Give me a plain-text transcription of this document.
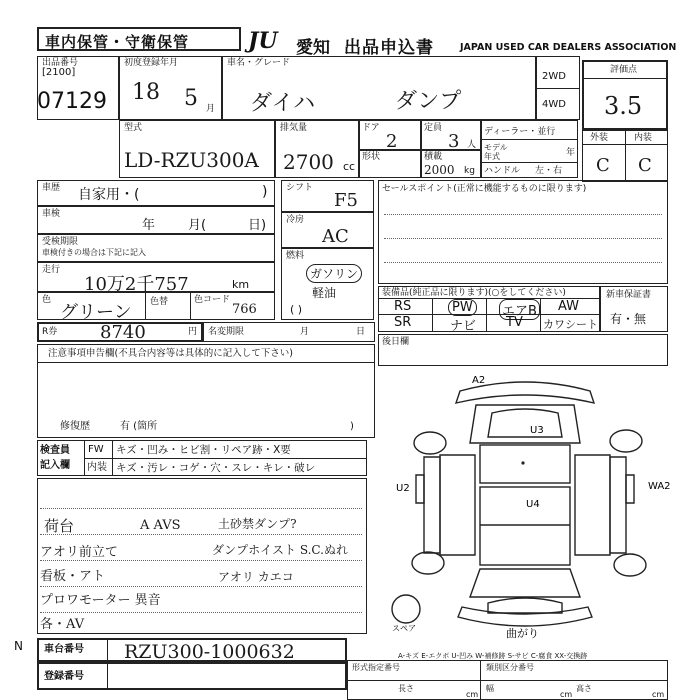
車内保管・守衛保管	JU 愛知 出品申込書	JAPAN USED CAR DEALERS ASSOCIATION
出品番号
[2100]
07129
初度登録年月
18 5 月
車名・グレード
ダイハ	ダンプ
2WD
4WD
評価点
3.5
型式
LD-RZU300A
排気量
2700 cc
ドア
2
定員
3 人
ディーラー・並行
モデル年式	年
ハンドル 左・右
形状	積載
2000 kg
外装	内装
C C
車歴 自家用・(	)
車検
年	月(	日)
受検期限
車検付きの場合は下記に記入
走行
10万2千757	km
色
グリーン 色替	色コード
766
シフト
F5
冷房
AC
燃料
ガソリン
軽油
( )
セールスポイント(正常に機能するものに限ります)
装備品(純正品に限ります)(○をしてください)
RS	PW	エアB AW
SR	ナビ TV カワシート
新車保証書
有・無
R券 8740	円 名変期限	月	日
後日欄
注意事項申告欄(不具合内容等は具体的に記入して下さい)
修復歴	有 (箇所	)
検査員
記入欄
FW キズ・凹み・ヒビ割・リペア跡・X要
内装 キズ・汚レ・コゲ・穴・スレ・キレ・破レ
荷台	A AVS
アオリ前立て
看板・アト
プロワモーター 異音
各・AV
土砂禁ダンプ?
ダンプホイスト S.C.ぬれ
アオリ カエコ
A2
U3
U2
U4
WA2
スペア	曲がり
A-キズ E-エクボ U-凹み W-補修跡 S-サビ C-腐食 XX-交換跡
N 車台番号 RZU300-1000632
登録番号
形式指定番号	類別区分番号
長さ
cm
幅
cm
高さ
cm
